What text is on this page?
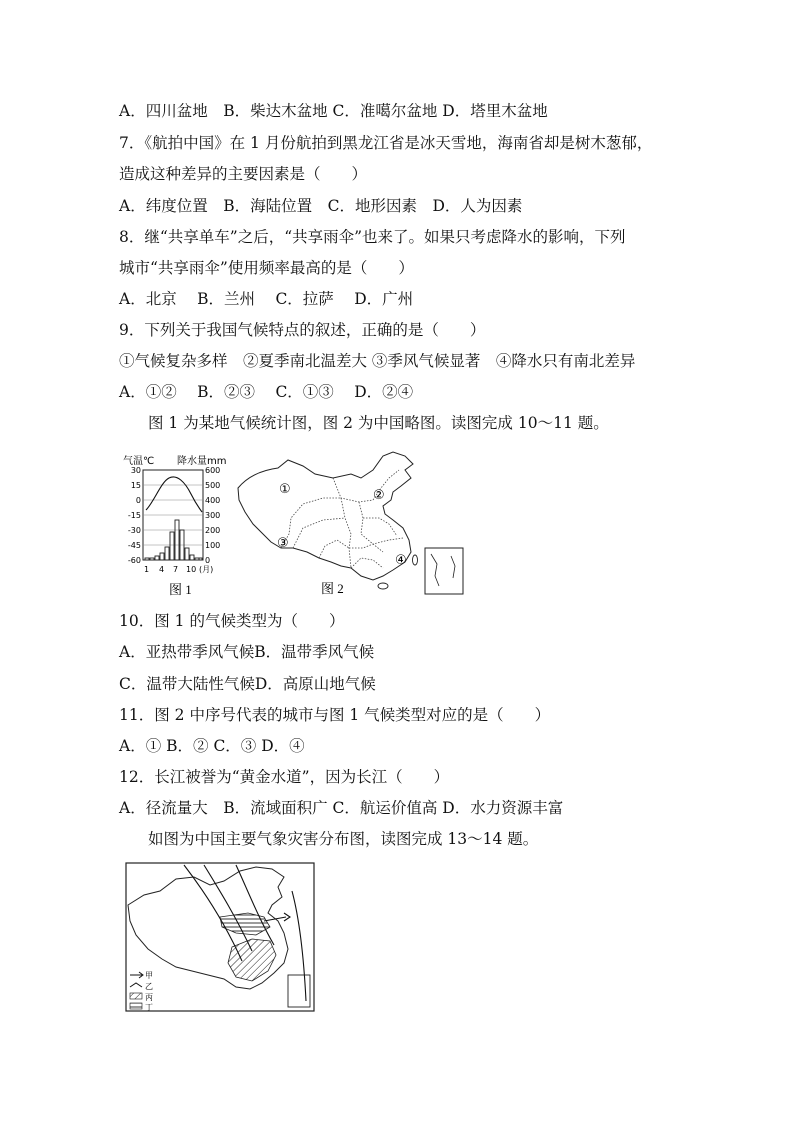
A．四川盆地　B．柴达木盆地 C．准噶尔盆地 D．塔里木盆地
7．《航拍中国》在 1 月份航拍到黑龙江省是冰天雪地，海南省却是树木葱郁，
造成这种差异的主要因素是（　　）
A．纬度位置　B．海陆位置　C．地形因素　D．人为因素
8．继“共享单车”之后，“共享雨伞”也来了。如果只考虑降水的影响，下列
城市“共享雨伞”使用频率最高的是（　　）
A．北京　 B．兰州　 C．拉萨　 D．广州
9．下列关于我国气候特点的叙述，正确的是（　　）
①气候复杂多样　②夏季南北温差大 ③季风气候显著　④降水只有南北差异
A．①②　 B．②③　 C．①③　 D．②④
图 1 为某地气候统计图，图 2 为中国略图。读图完成 10～11 题。
气温℃ 降水量mm
30
15
0
-15
-30
-45
-60
600
500
400
300
200
100
0
1 4 7 10 (月)
图 1
①	②
③
④
图 2
10．图 1 的气候类型为（　　）
A．亚热带季风气候B．温带季风气候
C．温带大陆性气候D．高原山地气候
11．图 2 中序号代表的城市与图 1 气候类型对应的是（　　）
A．① B．② C．③ D．④
12．长江被誉为“黄金水道”，因为长江（　　）
A．径流量大　B．流域面积广 C．航运价值高 D．水力资源丰富
如图为中国主要气象灾害分布图，读图完成 13～14 题。
甲
乙
丙
丁
